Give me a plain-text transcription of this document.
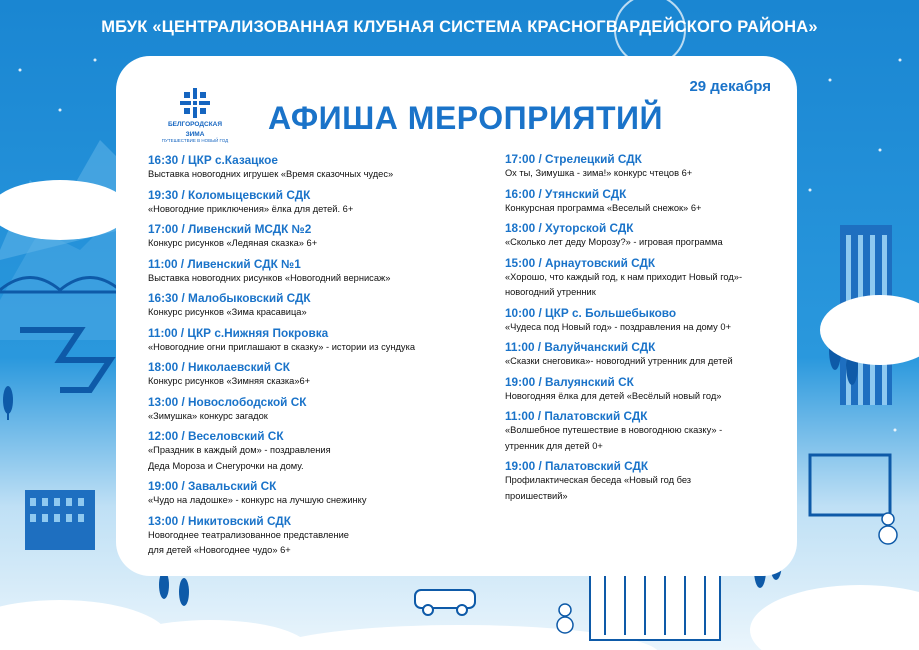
МБУК «ЦЕНТРАЛИЗОВАННАЯ КЛУБНАЯ СИСТЕМА КРАСНОГВАРДЕЙСКОГО РАЙОНА»
БЕЛГОРОДСКАЯ
ЗИМА
ПУТЕШЕСТВИЕ В НОВЫЙ ГОД
29 декабря
АФИША МЕРОПРИЯТИЙ
16:30 / ЦКР с.Казацкое
Выставка новогодних игрушек «Время сказочных чудес»
19:30 / Коломыцевский СДК
«Новогодние приключения» ёлка для детей. 6+
17:00 / Ливенский МСДК №2
Конкурс рисунков «Ледяная сказка» 6+
11:00 / Ливенский СДК №1
Выставка новогодних рисунков «Новогодний вернисаж»
16:30 / Малобыковский СДК
Конкурс рисунков «Зима красавица»
11:00 / ЦКР с.Нижняя Покровка
«Новогодние огни приглашают в сказку» - истории из сундука
18:00 / Николаевский СК
Конкурс рисунков «Зимняя сказка»6+
13:00 / Новослободской СК
«Зимушка» конкурс загадок
12:00 / Веселовский СК
«Праздник в каждый дом» - поздравления
Деда Мороза и Снегурочки на дому.
19:00 / Завальский СК
«Чудо на ладошке» - конкурс на лучшую снежинку
13:00 / Никитовский СДК
Новогоднее театрализованное представление
для детей «Новогоднее чудо» 6+
17:00 / Стрелецкий СДК
Ох ты, Зимушка - зима!» конкурс чтецов 6+
16:00 / Утянский СДК
Конкурсная программа «Веселый снежок» 6+
18:00 / Хуторской СДК
«Сколько лет деду Морозу?» - игровая программа
15:00 / Арнаутовский СДК
«Хорошо, что каждый год, к нам приходит Новый год»-
новогодний утренник
10:00 / ЦКР с. Большебыково
«Чудеса под Новый год» - поздравления на дому 0+
11:00 / Валуйчанский СДК
«Сказки снеговика»- новогодний утренник для детей
19:00 / Валуянский СК
Новогодняя ёлка для детей «Весёлый новый год»
11:00 / Палатовский СДК
«Волшебное путешествие в новогоднюю сказку» -
утренник для детей 0+
19:00 / Палатовский СДК
Профилактическая беседа «Новый год без
проишествий»
